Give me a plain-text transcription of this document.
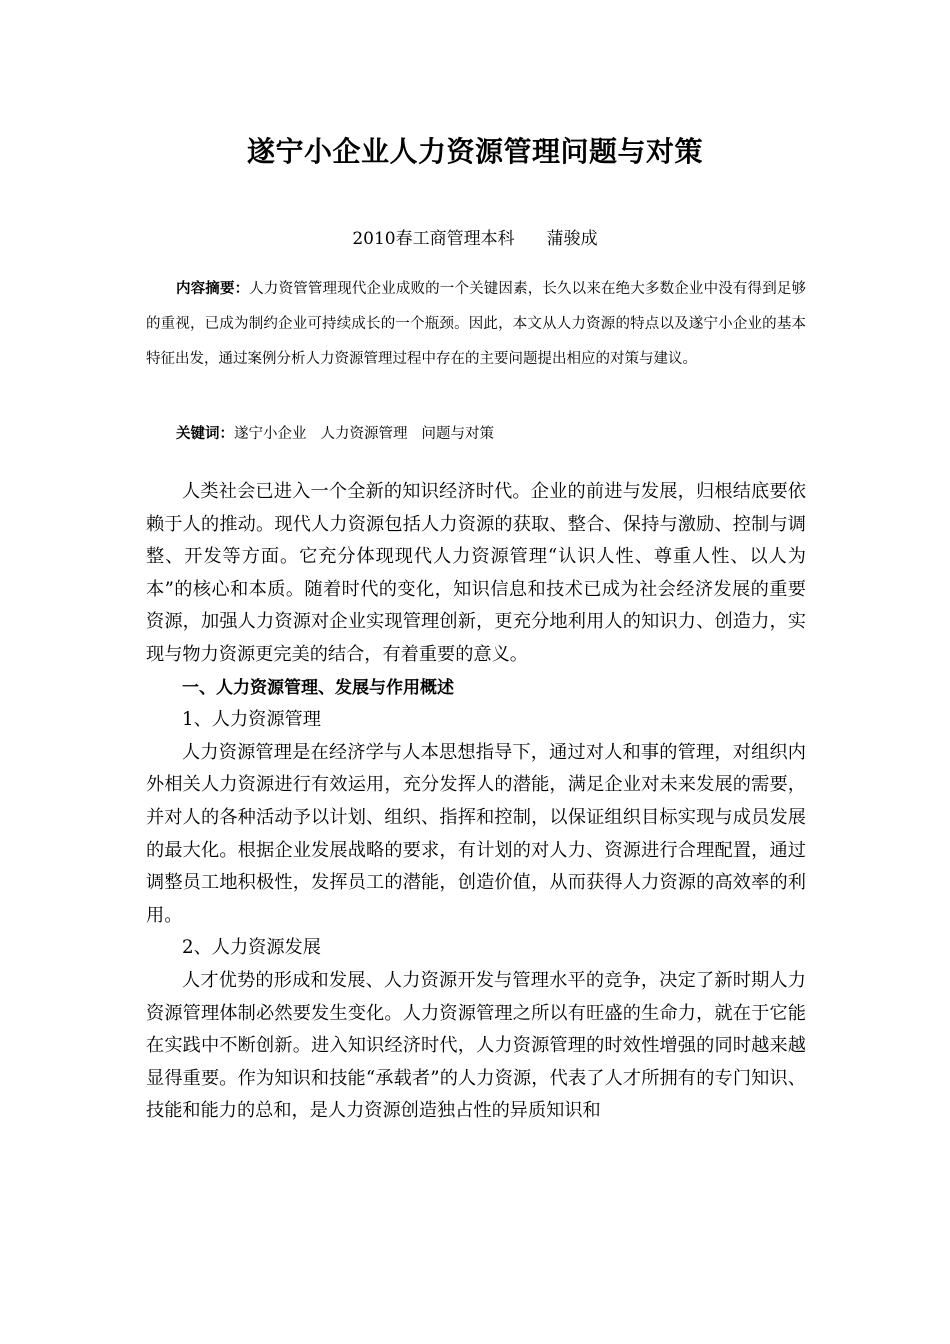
遂宁小企业人力资源管理问题与对策
2010春工商管理本科 蒲骏成
内容摘要：人力资管管理现代企业成败的一个关键因素，长久以来在绝大多数企业中没有得到足够的重视，已成为制约企业可持续成长的一个瓶颈。因此，本文从人力资源的特点以及遂宁小企业的基本特征出发，通过案例分析人力资源管理过程中存在的主要问题提出相应的对策与建议。
关键词：遂宁小企业 人力资源管理 问题与对策

人类社会已进入一个全新的知识经济时代。企业的前进与发展，归根结底要依赖于人的推动。现代人力资源包括人力资源的获取、整合、保持与激励、控制与调整、开发等方面。它充分体现现代人力资源管理“认识人性、尊重人性、以人为本”的核心和本质。随着时代的变化，知识信息和技术已成为社会经济发展的重要资源，加强人力资源对企业实现管理创新，更充分地利用人的知识力、创造力，实现与物力资源更完美的结合，有着重要的意义。

一、人力资源管理、发展与作用概述

1、人力资源管理

人力资源管理是在经济学与人本思想指导下，通过对人和事的管理，对组织内外相关人力资源进行有效运用，充分发挥人的潜能，满足企业对未来发展的需要，并对人的各种活动予以计划、组织、指挥和控制，以保证组织目标实现与成员发展的最大化。根据企业发展战略的要求，有计划的对人力、资源进行合理配置，通过调整员工地积极性，发挥员工的潜能，创造价值，从而获得人力资源的高效率的利用。

2、人力资源发展

人才优势的形成和发展、人力资源开发与管理水平的竞争，决定了新时期人力资源管理体制必然要发生变化。人力资源管理之所以有旺盛的生命力，就在于它能在实践中不断创新。进入知识经济时代，人力资源管理的时效性增强的同时越来越显得重要。作为知识和技能“承载者”的人力资源，代表了人才所拥有的专门知识、技能和能力的总和，是人力资源创造独占性的异质知识和
